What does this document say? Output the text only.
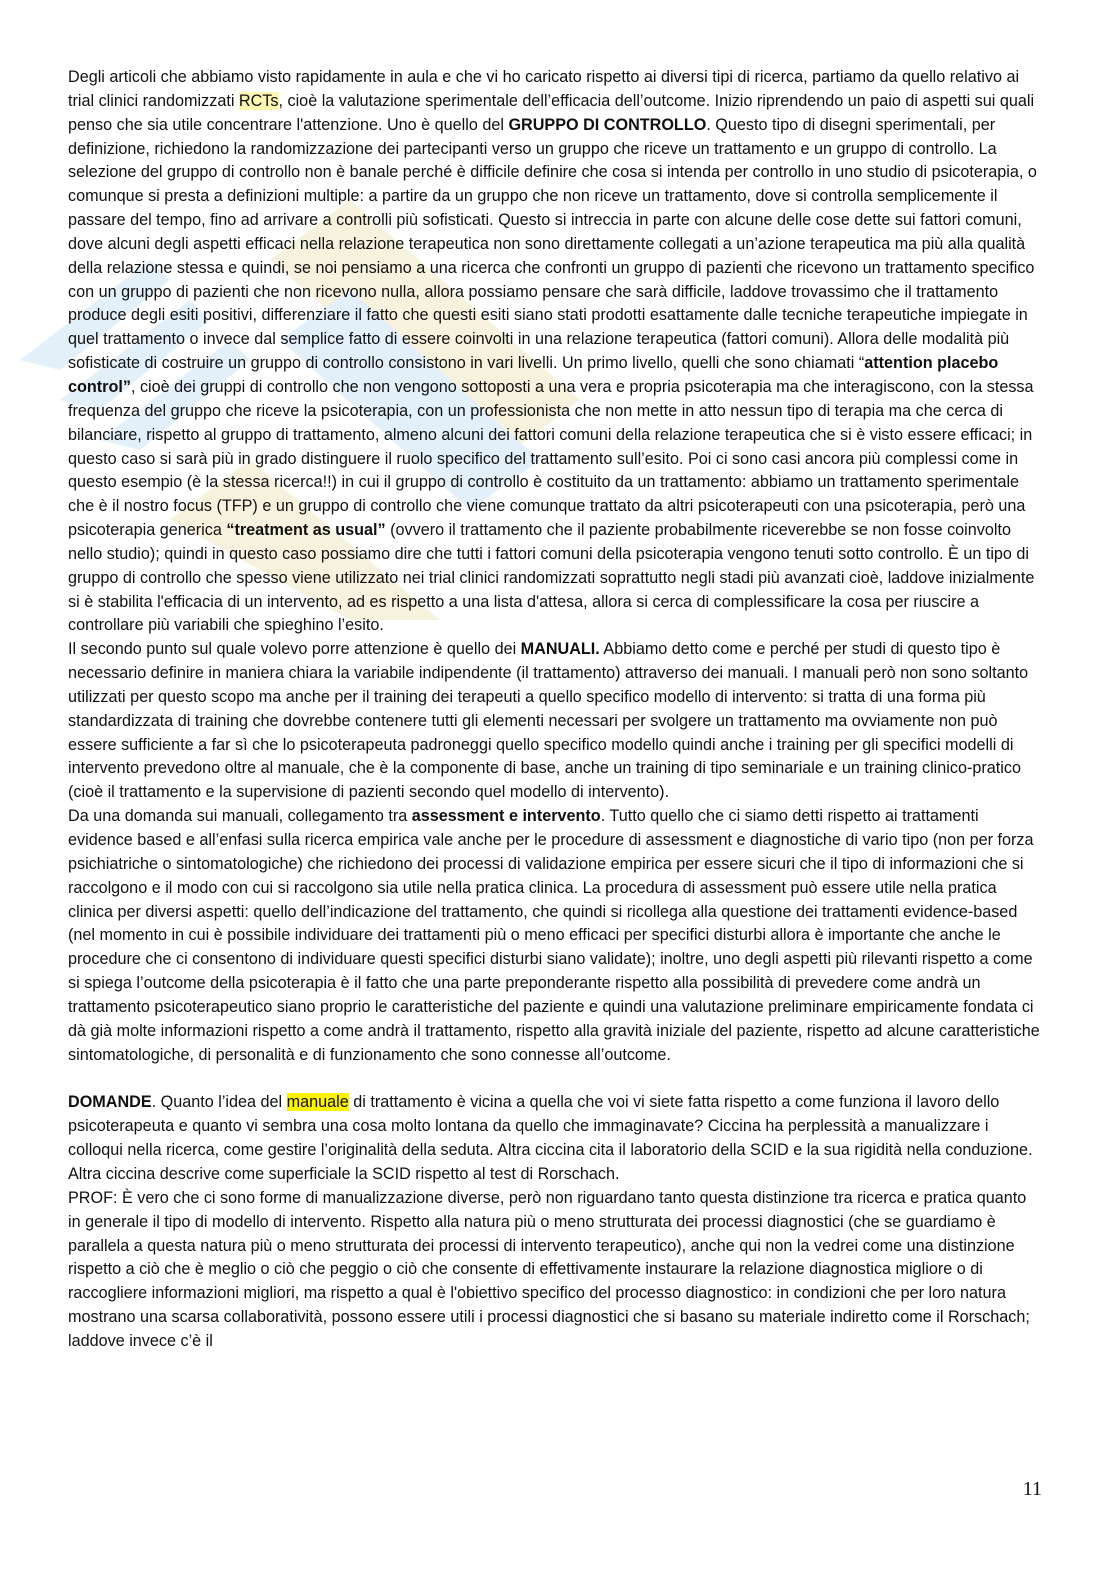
Degli articoli che abbiamo visto rapidamente in aula e che vi ho caricato rispetto ai diversi tipi di ricerca, partiamo da quello relativo ai trial clinici randomizzati RCTs, cioè la valutazione sperimentale dell’efficacia dell’outcome. Inizio riprendendo un paio di aspetti sui quali penso che sia utile concentrare l'attenzione. Uno è quello del GRUPPO DI CONTROLLO. Questo tipo di disegni sperimentali, per definizione, richiedono la randomizzazione dei partecipanti verso un gruppo che riceve un trattamento e un gruppo di controllo. La selezione del gruppo di controllo non è banale perché è difficile definire che cosa si intenda per controllo in uno studio di psicoterapia, o comunque si presta a definizioni multiple: a partire da un gruppo che non riceve un trattamento, dove si controlla semplicemente il passare del tempo, fino ad arrivare a controlli più sofisticati. Questo si intreccia in parte con alcune delle cose dette sui fattori comuni, dove alcuni degli aspetti efficaci nella relazione terapeutica non sono direttamente collegati a un’azione terapeutica ma più alla qualità della relazione stessa e quindi, se noi pensiamo a una ricerca che confronti un gruppo di pazienti che ricevono un trattamento specifico con un gruppo di pazienti che non ricevono nulla, allora possiamo pensare che sarà difficile, laddove trovassimo che il trattamento produce degli esiti positivi, differenziare il fatto che questi esiti siano stati prodotti esattamente dalle tecniche terapeutiche impiegate in quel trattamento o invece dal semplice fatto di essere coinvolti in una relazione terapeutica (fattori comuni). Allora delle modalità più sofisticate di costruire un gruppo di controllo consistono in vari livelli. Un primo livello, quelli che sono chiamati “attention placebo control”, cioè dei gruppi di controllo che non vengono sottoposti a una vera e propria psicoterapia ma che interagiscono, con la stessa frequenza del gruppo che riceve la psicoterapia, con un professionista che non mette in atto nessun tipo di terapia ma che cerca di bilanciare, rispetto al gruppo di trattamento, almeno alcuni dei fattori comuni della relazione terapeutica che si è visto essere efficaci; in questo caso si sarà più in grado distinguere il ruolo specifico del trattamento sull’esito. Poi ci sono casi ancora più complessi come in questo esempio (è la stessa ricerca!!) in cui il gruppo di controllo è costituito da un trattamento: abbiamo un trattamento sperimentale che è il nostro focus (TFP) e un gruppo di controllo che viene comunque trattato da altri psicoterapeuti con una psicoterapia, però una psicoterapia generica “treatment as usual” (ovvero il trattamento che il paziente probabilmente riceverebbe se non fosse coinvolto nello studio); quindi in questo caso possiamo dire che tutti i fattori comuni della psicoterapia vengono tenuti sotto controllo. È un tipo di gruppo di controllo che spesso viene utilizzato nei trial clinici randomizzati soprattutto negli stadi più avanzati cioè, laddove inizialmente si è stabilita l'efficacia di un intervento, ad es rispetto a una lista d'attesa, allora si cerca di complessificare la cosa per riuscire a controllare più variabili che spieghino l’esito.

Il secondo punto sul quale volevo porre attenzione è quello dei MANUALI. Abbiamo detto come e perché per studi di questo tipo è necessario definire in maniera chiara la variabile indipendente (il trattamento) attraverso dei manuali. I manuali però non sono soltanto utilizzati per questo scopo ma anche per il training dei terapeuti a quello specifico modello di intervento: si tratta di una forma più standardizzata di training che dovrebbe contenere tutti gli elementi necessari per svolgere un trattamento ma ovviamente non può essere sufficiente a far sì che lo psicoterapeuta padroneggi quello specifico modello quindi anche i training per gli specifici modelli di intervento prevedono oltre al manuale, che è la componente di base, anche un training di tipo seminariale e un training clinico-pratico (cioè il trattamento e la supervisione di pazienti secondo quel modello di intervento).

Da una domanda sui manuali, collegamento tra assessment e intervento. Tutto quello che ci siamo detti rispetto ai trattamenti evidence based e all’enfasi sulla ricerca empirica vale anche per le procedure di assessment e diagnostiche di vario tipo (non per forza psichiatriche o sintomatologiche) che richiedono dei processi di validazione empirica per essere sicuri che il tipo di informazioni che si raccolgono e il modo con cui si raccolgono sia utile nella pratica clinica. La procedura di assessment può essere utile nella pratica clinica per diversi aspetti: quello dell’indicazione del trattamento, che quindi si ricollega alla questione dei trattamenti evidence-based (nel momento in cui è possibile individuare dei trattamenti più o meno efficaci per specifici disturbi allora è importante che anche le procedure che ci consentono di individuare questi specifici disturbi siano validate); inoltre, uno degli aspetti più rilevanti rispetto a come si spiega l’outcome della psicoterapia è il fatto che una parte preponderante rispetto alla possibilità di prevedere come andrà un trattamento psicoterapeutico siano proprio le caratteristiche del paziente e quindi una valutazione preliminare empiricamente fondata ci dà già molte informazioni rispetto a come andrà il trattamento, rispetto alla gravità iniziale del paziente, rispetto ad alcune caratteristiche sintomatologiche, di personalità e di funzionamento che sono connesse all’outcome.

DOMANDE. Quanto l’idea del manuale di trattamento è vicina a quella che voi vi siete fatta rispetto a come funziona il lavoro dello psicoterapeuta e quanto vi sembra una cosa molto lontana da quello che immaginavate? Ciccina ha perplessità a manualizzare i colloqui nella ricerca, come gestire l’originalità della seduta. Altra ciccina cita il laboratorio della SCID e la sua rigidità nella conduzione. Altra ciccina descrive come superficiale la SCID rispetto al test di Rorschach.

PROF: È vero che ci sono forme di manualizzazione diverse, però non riguardano tanto questa distinzione tra ricerca e pratica quanto in generale il tipo di modello di intervento. Rispetto alla natura più o meno strutturata dei processi diagnostici (che se guardiamo è parallela a questa natura più o meno strutturata dei processi di intervento terapeutico), anche qui non la vedrei come una distinzione rispetto a ciò che è meglio o ciò che peggio o ciò che consente di effettivamente instaurare la relazione diagnostica migliore o di raccogliere informazioni migliori, ma rispetto a qual è l'obiettivo specifico del processo diagnostico: in condizioni che per loro natura mostrano una scarsa collaboratività, possono essere utili i processi diagnostici che si basano su materiale indiretto come il Rorschach; laddove invece c’è il

11
